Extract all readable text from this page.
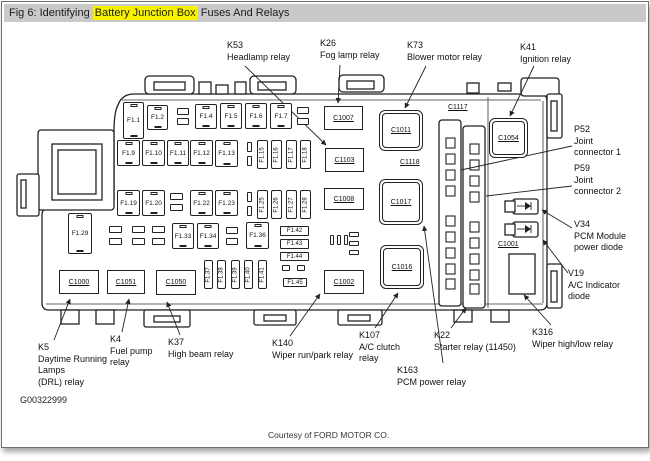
Fig 6: Identifying Battery Junction Box Fuses And Relays
F1.1	F1.2	F1.4	F1.5	F1.6	F1.7
F1.9	F1.10	F1.11	F1.12	F1.13
F1.19	F1.20	F1.22	F1.23
F1.29	F1.33	F1.34	F1.36
F1.42
F1.43
F1.44
F1.45
F1.15 F1.16 F1.17 F1.18
F1.25 F1.26 F1.27 F1.28
F1.37 F1.38 F1.39 F1.40 F1.41
C1000	C1051	C1050	C1002
C1007
C1103
C1008
C1011
C1017
C1016
C1054
C1117
C1118
C1001
K53
Headlamp relay
K26
Fog lamp relay
K73
Blower motor relay
K41
Ignition relay
P52
Joint
connector 1
P59
Joint
connector 2
V34
PCM Module
power diode
V19
A/C Indicator
diode
K5
Daytime Running
Lamps
(DRL) relay
K4
Fuel pump
relay
K37
High beam relay
K140
Wiper run/park relay
K107
A/C clutch
relay
K163
PCM power relay
K22
Starter relay (11450)
K316
Wiper high/low relay
G00322999
Courtesy of FORD MOTOR CO.
